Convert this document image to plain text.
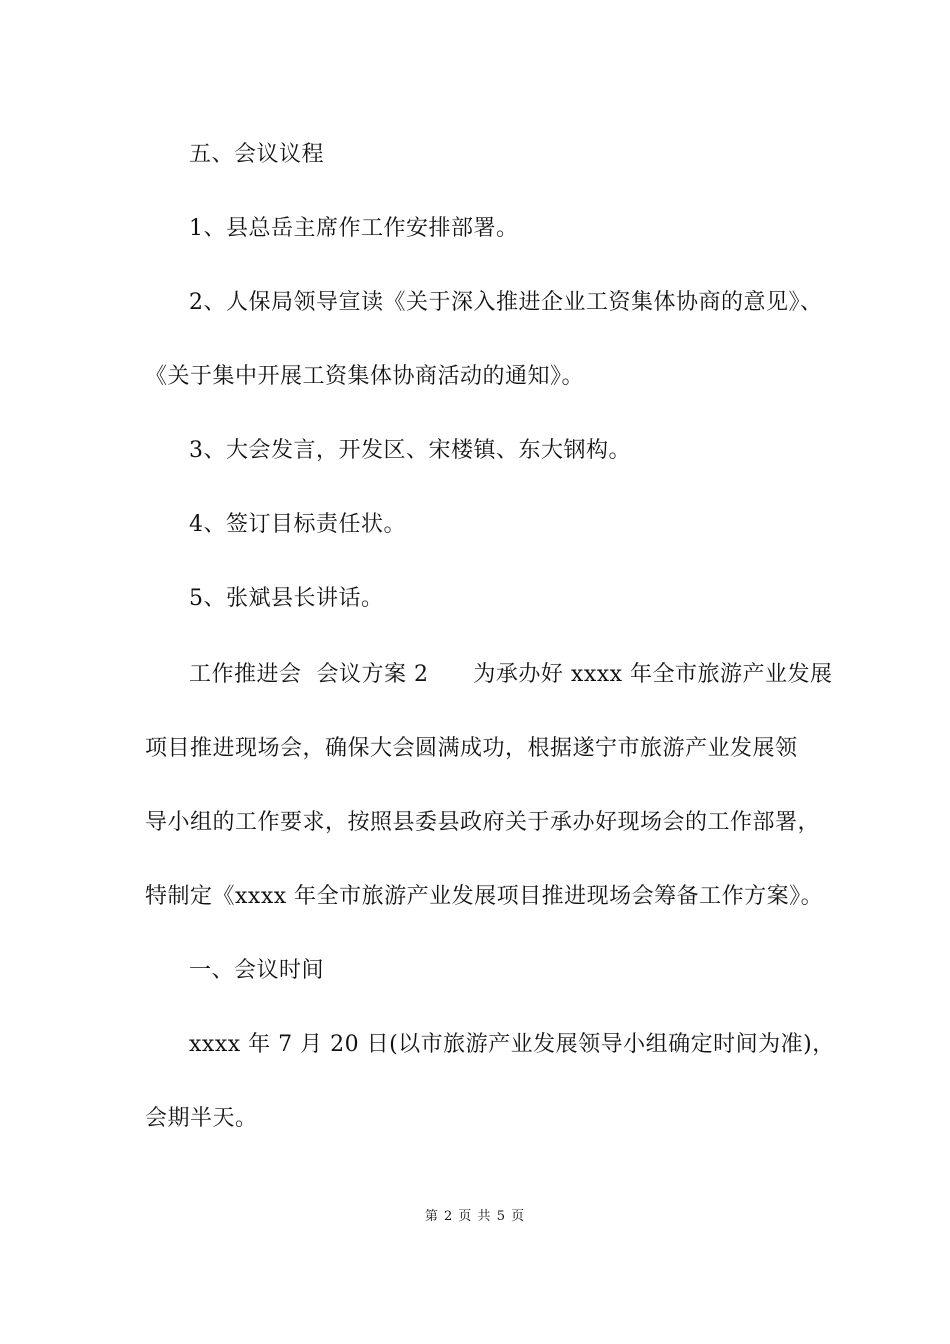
五、会议议程
1、县总岳主席作工作安排部署。
2、人保局领导宣读《关于深入推进企业工资集体协商的意见》、
《关于集中开展工资集体协商活动的通知》。
3、大会发言，开发区、宋楼镇、东大钢构。
4、签订目标责任状。
5、张斌县长讲话。
工作推进会  会议方案 2      为承办好 xxxx 年全市旅游产业发展
项目推进现场会，确保大会圆满成功，根据遂宁市旅游产业发展领
导小组的工作要求，按照县委县政府关于承办好现场会的工作部署，
特制定《xxxx 年全市旅游产业发展项目推进现场会筹备工作方案》。
一、会议时间
xxxx 年 7 月 20 日(以市旅游产业发展领导小组确定时间为准)，
会期半天。
第 2 页 共 5 页
